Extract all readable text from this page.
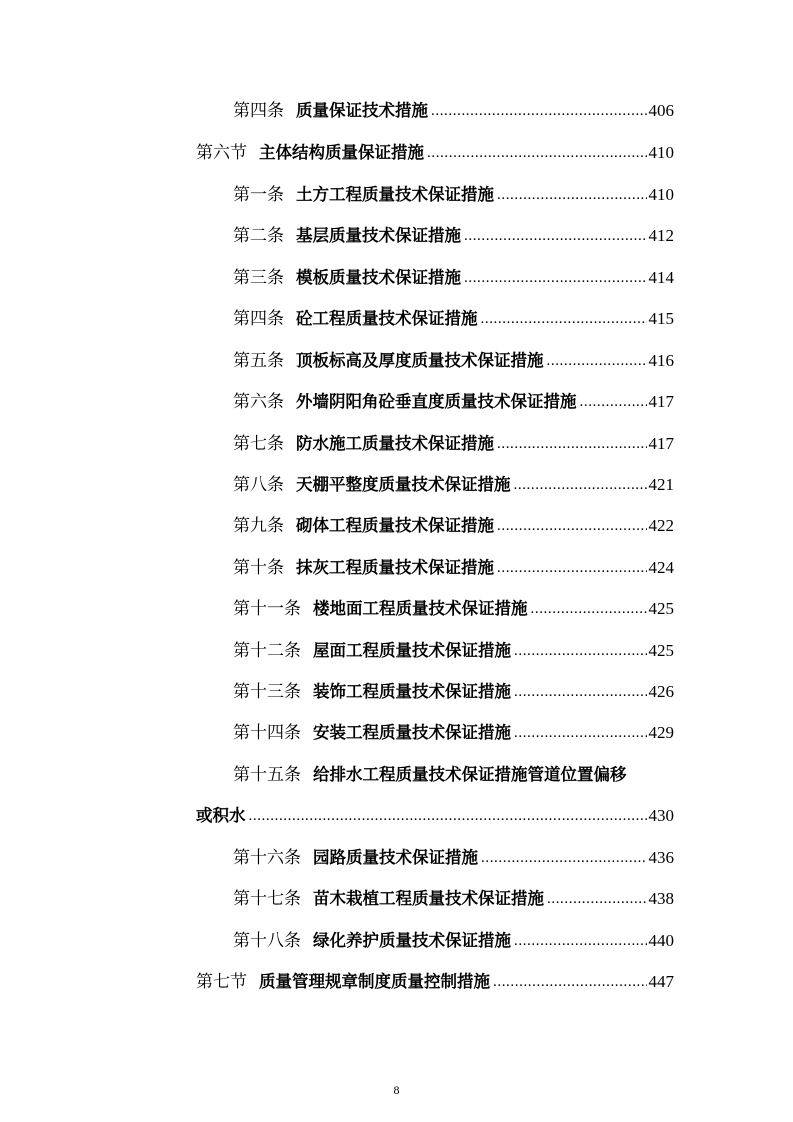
第四条 质量保证技术措施 .....	406
第六节 主体结构质量保证措施 .....	410
第一条 土方工程质量技术保证措施 .....	410
第二条 基层质量技术保证措施 .....	412
第三条 模板质量技术保证措施 .....	414
第四条 砼工程质量技术保证措施 .....	415
第五条 顶板标高及厚度质量技术保证措施 .....	416
第六条 外墙阴阳角砼垂直度质量技术保证措施 .....	417
第七条 防水施工质量技术保证措施 .....	417
第八条 天棚平整度质量技术保证措施 .....	421
第九条 砌体工程质量技术保证措施 .....	422
第十条 抹灰工程质量技术保证措施 .....	424
第十一条 楼地面工程质量技术保证措施 .....	425
第十二条 屋面工程质量技术保证措施 .....	425
第十三条 装饰工程质量技术保证措施 .....	426
第十四条 安装工程质量技术保证措施 .....	429
第十五条 给排水工程质量技术保证措施管道位置偏移
或积水 .....	430
第十六条 园路质量技术保证措施 .....	436
第十七条 苗木栽植工程质量技术保证措施 .....	438
第十八条 绿化养护质量技术保证措施 .....	440
第七节 质量管理规章制度质量控制措施 .....	447
8
